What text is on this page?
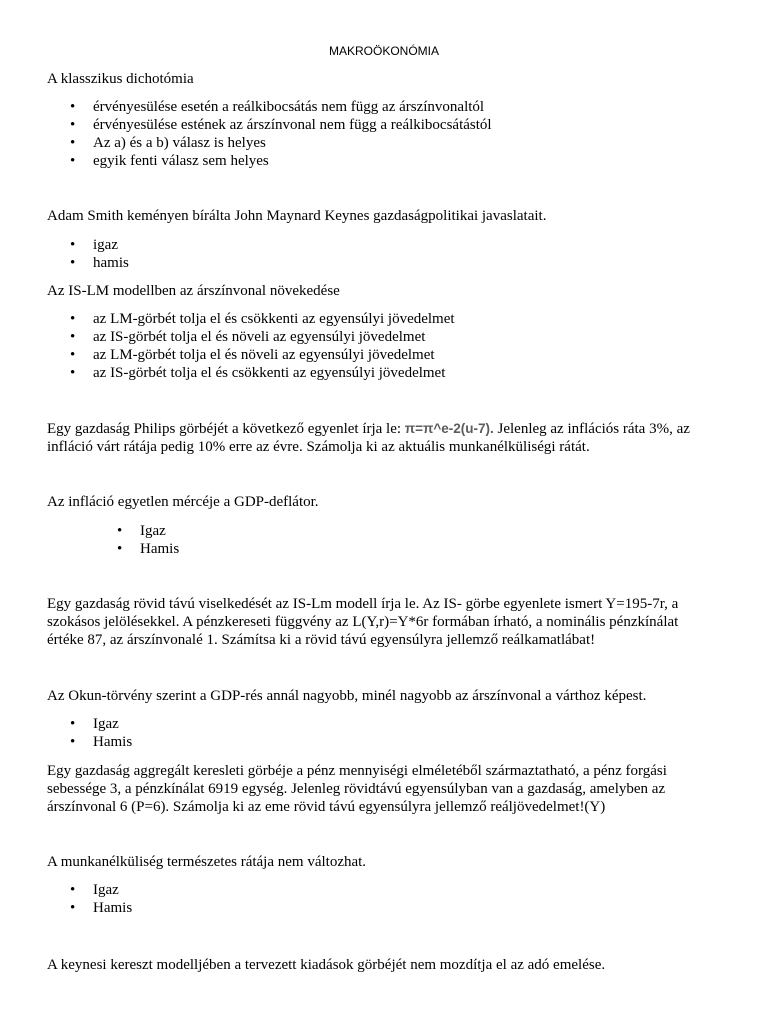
MAKROÖKONÓMIA
A klasszikus dichotómia
• érvényesülése esetén a reálkibocsátás nem függ az árszínvonaltól
• érvényesülése estének az árszínvonal nem függ a reálkibocsátástól
• Az a) és a b) válasz is helyes
• egyik fenti válasz sem helyes
Adam Smith keményen bírálta John Maynard Keynes gazdaságpolitikai javaslatait.
• igaz
• hamis
Az IS-LM modellben az árszínvonal növekedése
• az LM-görbét tolja el és csökkenti az egyensúlyi jövedelmet
• az IS-görbét tolja el és növeli az egyensúlyi jövedelmet
• az LM-görbét tolja el és növeli az egyensúlyi jövedelmet
• az IS-görbét tolja el és csökkenti az egyensúlyi jövedelmet
Egy gazdaság Philips görbéjét a következő egyenlet írja le: π=π^e-2(u-7). Jelenleg az inflációs ráta 3%, az
infláció várt rátája pedig 10% erre az évre. Számolja ki az aktuális munkanélküliségi rátát.
Az infláció egyetlen mércéje a GDP-deflátor.
• Igaz
• Hamis
Egy gazdaság rövid távú viselkedését az IS-Lm modell írja le. Az IS- görbe egyenlete ismert Y=195-7r, a
szokásos jelölésekkel. A pénzkereseti függvény az L(Y,r)=Y*6r formában írható, a nominális pénzkínálat
értéke 87, az árszínvonalé 1. Számítsa ki a rövid távú egyensúlyra jellemző reálkamatlábat!
Az Okun-törvény szerint a GDP-rés annál nagyobb, minél nagyobb az árszínvonal a várthoz képest.
• Igaz
• Hamis
Egy gazdaság aggregált keresleti görbéje a pénz mennyiségi elméletéből származtatható, a pénz forgási
sebessége 3, a pénzkínálat 6919 egység. Jelenleg rövidtávú egyensúlyban van a gazdaság, amelyben az
árszínvonal 6 (P=6). Számolja ki az eme rövid távú egyensúlyra jellemző reáljövedelmet!(Y)
A munkanélküliség természetes rátája nem változhat.
• Igaz
• Hamis
A keynesi kereszt modelljében a tervezett kiadások görbéjét nem mozdítja el az adó emelése.
